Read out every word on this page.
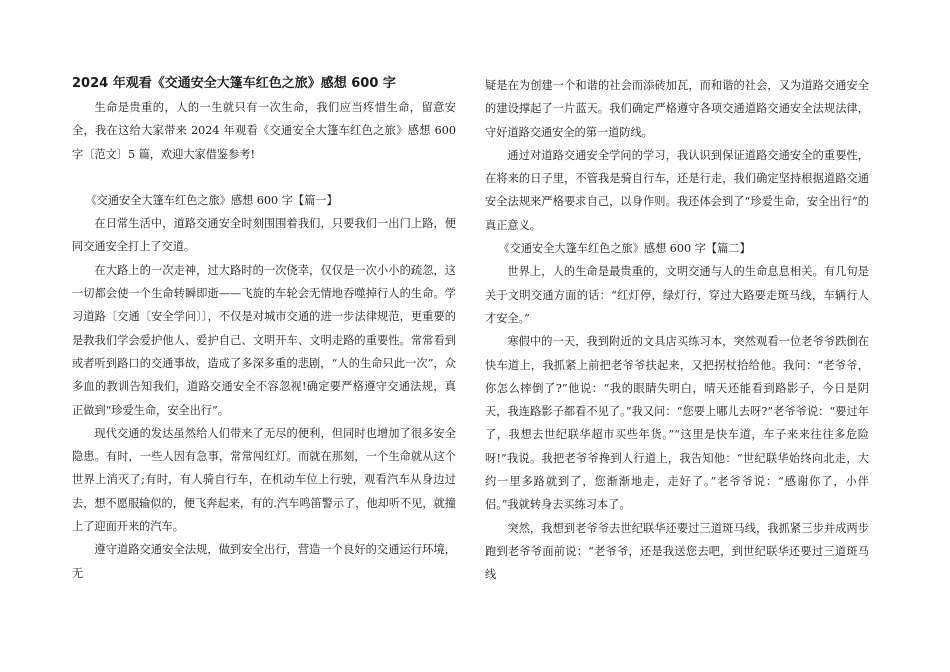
2024 年观看《交通安全大篷车红色之旅》感想 600 字

生命是贵重的，人的一生就只有一次生命，我们应当疼惜生命，留意安全，我在这给大家带来 2024 年观看《交通安全大篷车红色之旅》感想 600 字〔范文〕5 篇，欢迎大家借鉴参考!

《交通安全大篷车红色之旅》感想 600 字【篇一】

在日常生活中，道路交通安全时刻围围着我们，只要我们一出门上路，便同交通安全打上了交道。

在大路上的一次走神，过大路时的一次侥幸，仅仅是一次小小的疏忽，这一切都会使一个生命转瞬即逝——飞旋的车轮会无情地吞噬掉行人的生命。学习道路〔交通〔安全学问〕〕，不仅是对城市交通的进一步法律规范，更重要的是教我们学会爱护他人、爱护自己、文明开车、文明走路的重要性。常常看到或者听到路口的交通事故，造成了多深多重的悲剧，“人的生命只此一次”，众多血的教训告知我们，道路交通安全不容忽视!确定要严格遵守交通法规，真正做到“珍爱生命，安全出行”。

现代交通的发达虽然给人们带来了无尽的便利，但同时也增加了很多安全隐患。有时，一些人因有急事，常常闯红灯。而就在那刻，一个生命就从这个世界上消灭了;有时，有人骑自行车，在机动车位上行驶，观看汽车从身边过去，想不愿服输似的，便飞奔起来，有的.汽车鸣笛警示了，他却听不见，就撞上了迎面开来的汽车。

遵守道路交通安全法规，做到安全出行，营造一个良好的交通运行环境，无

疑是在为创建一个和谐的社会而添砖加瓦，而和谐的社会，又为道路交通安全的建设撑起了一片蓝天。我们确定严格遵守各项交通道路交通安全法规法律，守好道路交通安全的第一道防线。

通过对道路交通安全学问的学习，我认识到保证道路交通安全的重要性，在将来的日子里，不管我是骑自行车，还是行走，我们确定坚持根据道路交通安全法规来严格要求自己，以身作则。我还体会到了“珍爱生命，安全出行”的真正意义。

《交通安全大篷车红色之旅》感想 600 字【篇二】

世界上，人的生命是最贵重的，文明交通与人的生命息息相关。有几句是关于文明交通方面的话：“红灯停，绿灯行，穿过大路要走斑马线，车辆行人才安全。”

寒假中的一天，我到附近的文具店买练习本，突然观看一位老爷爷跌倒在快车道上，我抓紧上前把老爷爷扶起来，又把拐杖拾给他。我问：“老爷爷，你怎么摔倒了?”他说：“我的眼睛失明白，晴天还能看到路影子，今日是阴天，我连路影子都看不见了。”我又问：“您要上哪儿去呀?”老爷爷说：“要过年了，我想去世纪联华超市买些年货。”“这里是快车道，车子来来往往多危险呀!”我说。我把老爷爷搀到人行道上，我告知他：“世纪联华始终向北走，大约一里多路就到了，您渐渐地走，走好了。”老爷爷说：“感谢你了，小伴侣。”我就转身去买练习本了。

突然，我想到老爷爷去世纪联华还要过三道斑马线，我抓紧三步并成两步跑到老爷爷面前说：“老爷爷，还是我送您去吧，到世纪联华还要过三道斑马线
